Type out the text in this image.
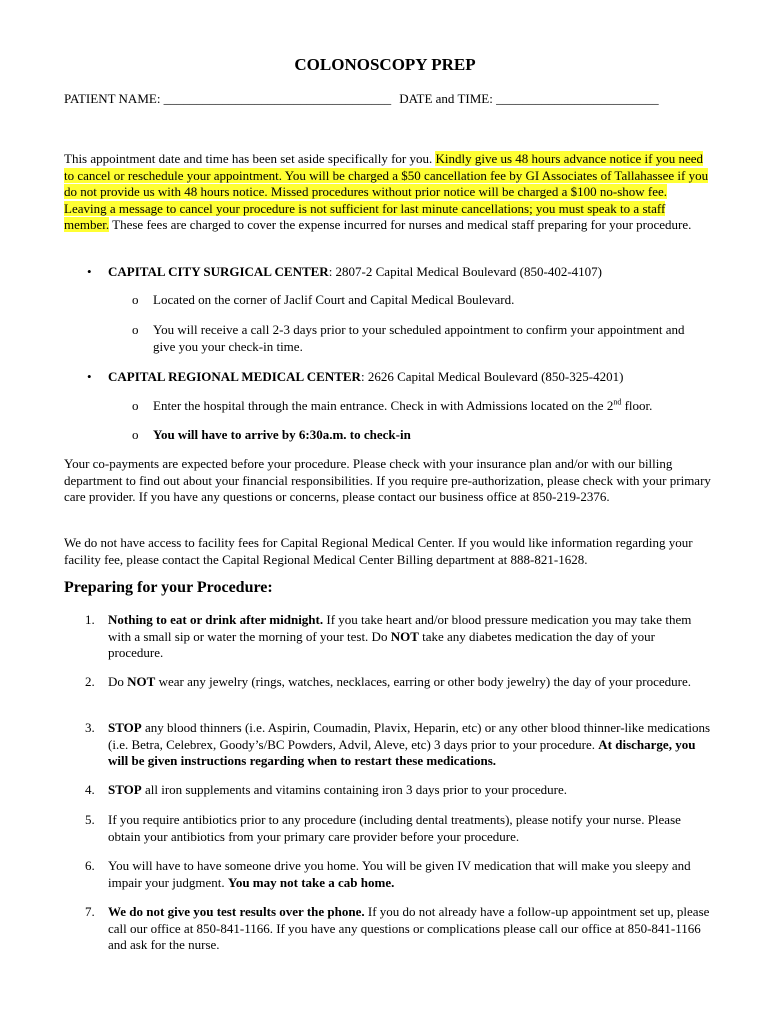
COLONOSCOPY PREP
PATIENT NAME: ___________________________________ DATE and TIME: _________________________
This appointment date and time has been set aside specifically for you. Kindly give us 48 hours advance notice if you need to cancel or reschedule your appointment. You will be charged a $50 cancellation fee by GI Associates of Tallahassee if you do not provide us with 48 hours notice. Missed procedures without prior notice will be charged a $100 no-show fee. Leaving a message to cancel your procedure is not sufficient for last minute cancellations; you must speak to a staff member. These fees are charged to cover the expense incurred for nurses and medical staff preparing for your procedure.
• CAPITAL CITY SURGICAL CENTER: 2807-2 Capital Medical Boulevard (850-402-4107)
o Located on the corner of Jaclif Court and Capital Medical Boulevard.
o You will receive a call 2-3 days prior to your scheduled appointment to confirm your appointment and give you your check-in time.
• CAPITAL REGIONAL MEDICAL CENTER: 2626 Capital Medical Boulevard (850-325-4201)
o Enter the hospital through the main entrance. Check in with Admissions located on the 2nd floor.
o You will have to arrive by 6:30a.m. to check-in
Your co-payments are expected before your procedure. Please check with your insurance plan and/or with our billing department to find out about your financial responsibilities. If you require pre-authorization, please check with your primary care provider. If you have any questions or concerns, please contact our business office at 850-219-2376.
We do not have access to facility fees for Capital Regional Medical Center. If you would like information regarding your facility fee, please contact the Capital Regional Medical Center Billing department at 888-821-1628.
Preparing for your Procedure:
1. Nothing to eat or drink after midnight. If you take heart and/or blood pressure medication you may take them with a small sip or water the morning of your test. Do NOT take any diabetes medication the day of your procedure.
2. Do NOT wear any jewelry (rings, watches, necklaces, earring or other body jewelry) the day of your procedure.
3. STOP any blood thinners (i.e. Aspirin, Coumadin, Plavix, Heparin, etc) or any other blood thinner-like medications (i.e. Betra, Celebrex, Goody’s/BC Powders, Advil, Aleve, etc) 3 days prior to your procedure. At discharge, you will be given instructions regarding when to restart these medications.
4. STOP all iron supplements and vitamins containing iron 3 days prior to your procedure.
5. If you require antibiotics prior to any procedure (including dental treatments), please notify your nurse. Please obtain your antibiotics from your primary care provider before your procedure.
6. You will have to have someone drive you home. You will be given IV medication that will make you sleepy and impair your judgment. You may not take a cab home.
7. We do not give you test results over the phone. If you do not already have a follow-up appointment set up, please call our office at 850-841-1166. If you have any questions or complications please call our office at 850-841-1166 and ask for the nurse.
